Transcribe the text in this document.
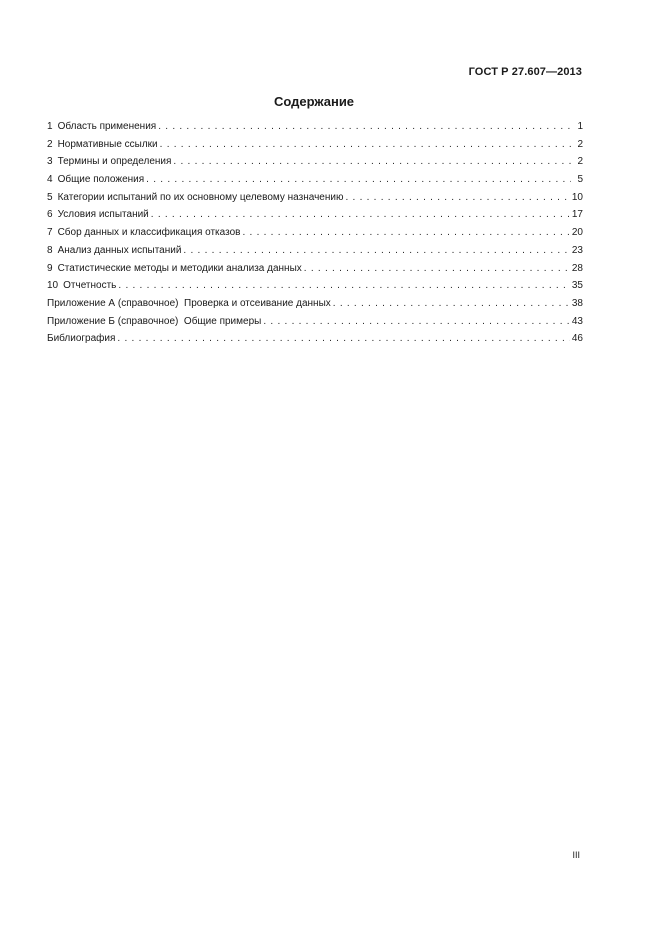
ГОСТ Р 27.607—2013
Содержание
1 Область применения . . .	1
2 Нормативные ссылки . . .	2
3 Термины и определения . . .	2
4 Общие положения . . .	5
5 Категории испытаний по их основному целевому назначению . . .	10
6 Условия испытаний . . .	17
7 Сбор данных и классификация отказов . . .	20
8 Анализ данных испытаний . . .	23
9 Статистические методы и методики анализа данных . . .	28
10 Отчетность . . .	35
Приложение А (справочное)  Проверка и отсеивание данных . . .	38
Приложение Б (справочное)  Общие примеры . . .	43
Библиография . . .	46
III
